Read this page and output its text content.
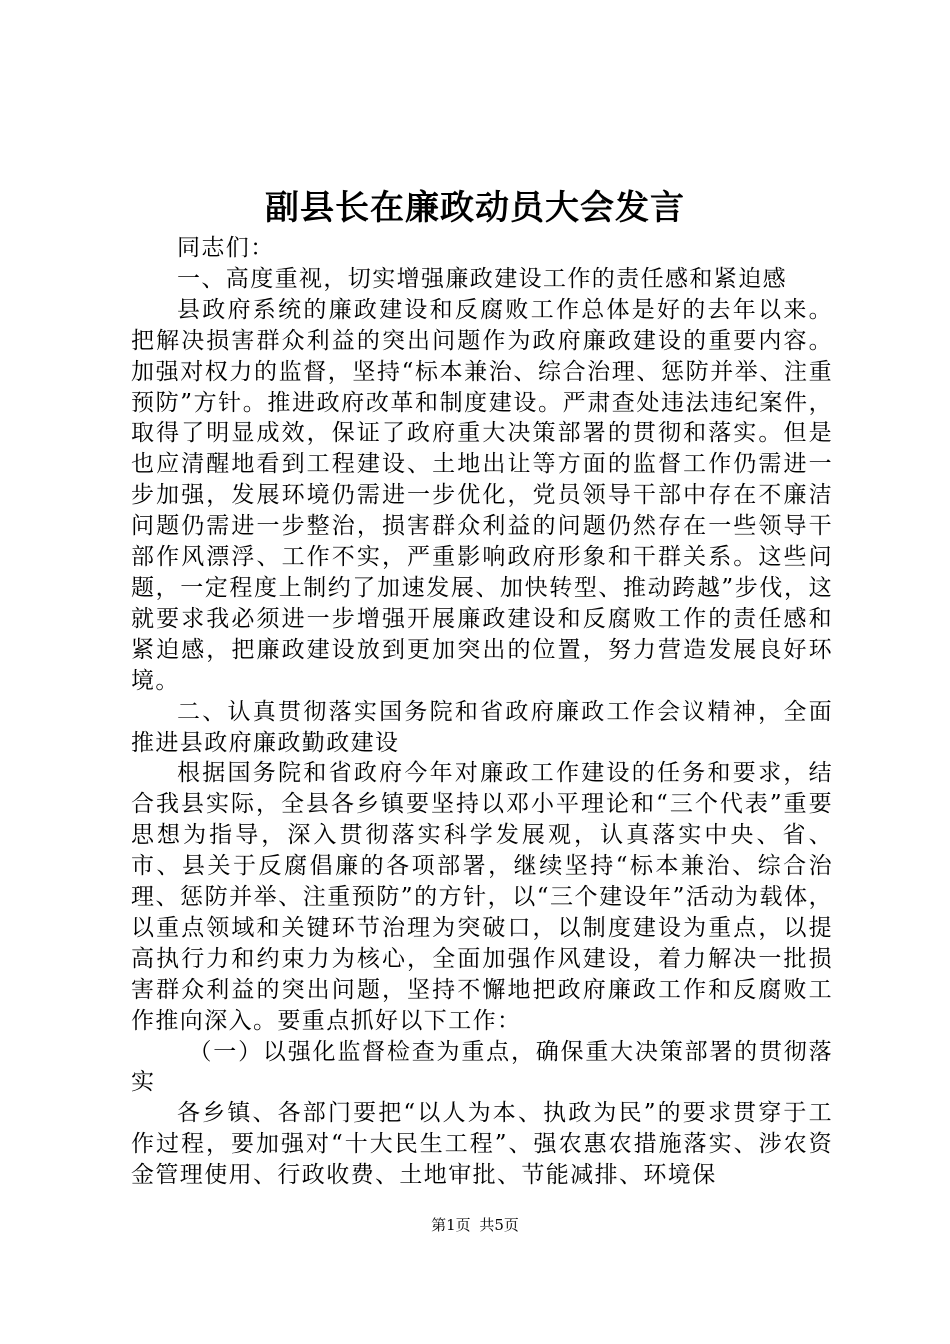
副县长在廉政动员大会发言

同志们：

一、高度重视，切实增强廉政建设工作的责任感和紧迫感

县政府系统的廉政建设和反腐败工作总体是好的去年以来。把解决损害群众利益的突出问题作为政府廉政建设的重要内容。加强对权力的监督，坚持“标本兼治、综合治理、惩防并举、注重预防”方针。推进政府改革和制度建设。严肃查处违法违纪案件，取得了明显成效，保证了政府重大决策部署的贯彻和落实。但是也应清醒地看到工程建设、土地出让等方面的监督工作仍需进一步加强，发展环境仍需进一步优化，党员领导干部中存在不廉洁问题仍需进一步整治，损害群众利益的问题仍然存在一些领导干部作风漂浮、工作不实，严重影响政府形象和干群关系。这些问题，一定程度上制约了加速发展、加快转型、推动跨越”步伐，这就要求我必须进一步增强开展廉政建设和反腐败工作的责任感和紧迫感，把廉政建设放到更加突出的位置，努力营造发展良好环境。

二、认真贯彻落实国务院和省政府廉政工作会议精神，全面推进县政府廉政勤政建设

根据国务院和省政府今年对廉政工作建设的任务和要求，结合我县实际，全县各乡镇要坚持以邓小平理论和“三个代表”重要思想为指导，深入贯彻落实科学发展观，认真落实中央、省、市、县关于反腐倡廉的各项部署，继续坚持“标本兼治、综合治理、惩防并举、注重预防”的方针，以“三个建设年”活动为载体，以重点领域和关键环节治理为突破口，以制度建设为重点，以提高执行力和约束力为核心，全面加强作风建设，着力解决一批损害群众利益的突出问题，坚持不懈地把政府廉政工作和反腐败工作推向深入。要重点抓好以下工作：

（一）以强化监督检查为重点，确保重大决策部署的贯彻落实

各乡镇、各部门要把“以人为本、执政为民”的要求贯穿于工作过程，要加强对“十大民生工程”、强农惠农措施落实、涉农资金管理使用、行政收费、土地审批、节能减排、环境保

第1页 共5页
